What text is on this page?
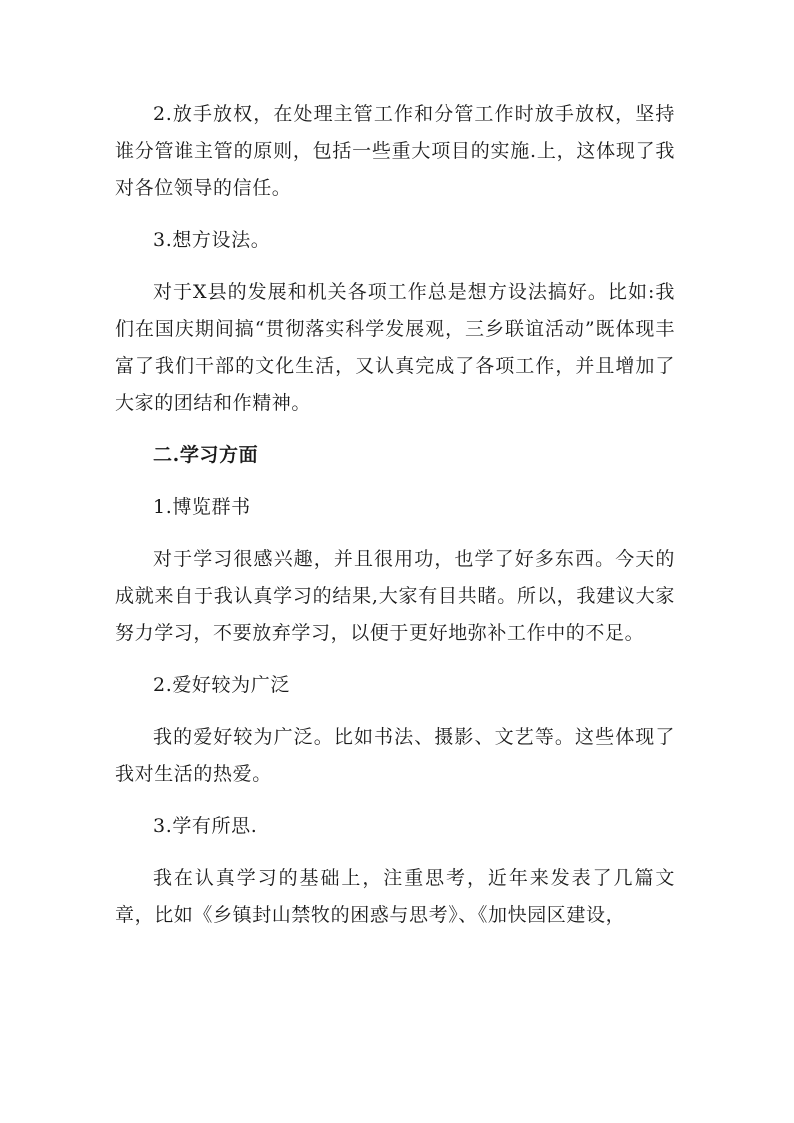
2.放手放权，在处理主管工作和分管工作时放手放权，坚持谁分管谁主管的原则，包括一些重大项目的实施.上，这体现了我对各位领导的信任。

3.想方设法。

对于X县的发展和机关各项工作总是想方设法搞好。比如:我们在国庆期间搞“贯彻落实科学发展观，三乡联谊活动”既体现丰富了我们干部的文化生活，又认真完成了各项工作，并且增加了大家的团结和作精神。

二.学习方面

1.博览群书

对于学习很感兴趣，并且很用功，也学了好多东西。今天的成就来自于我认真学习的结果,大家有目共睹。所以，我建议大家努力学习，不要放弃学习，以便于更好地弥补工作中的不足。

2.爱好较为广泛

我的爱好较为广泛。比如书法、摄影、文艺等。这些体现了我对生活的热爱。

3.学有所思.

我在认真学习的基础上，注重思考，近年来发表了几篇文章，比如《乡镇封山禁牧的困惑与思考》、《加快园区建设，
